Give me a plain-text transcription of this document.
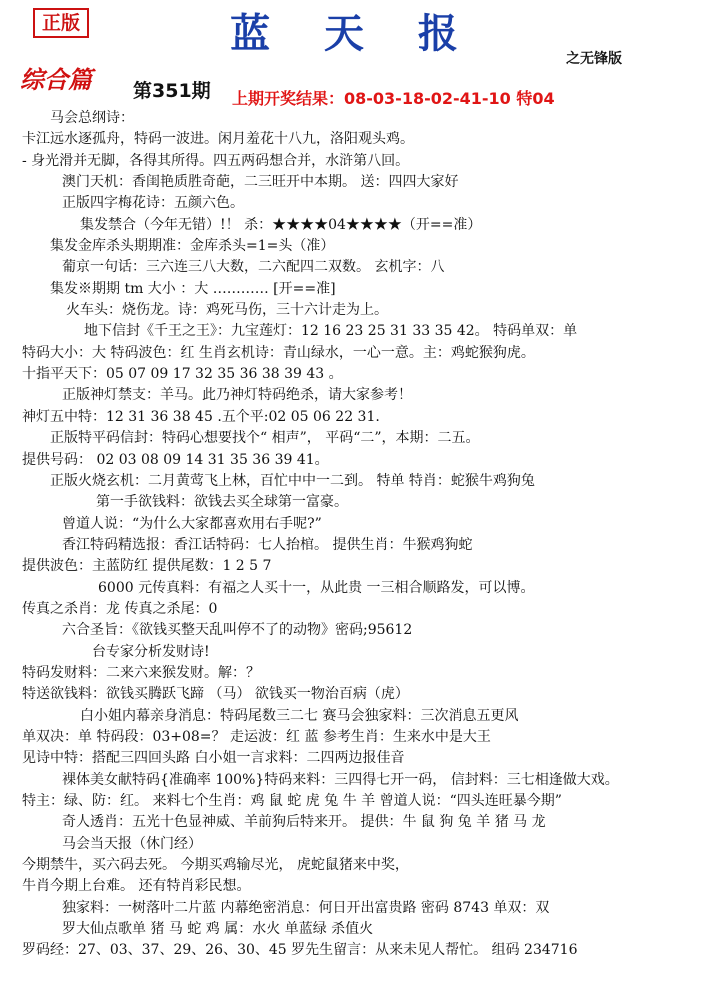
正版	蓝 天 报
之无锋版
综合篇 第351期 上期开奖结果：08-03-18-02-41-10 特04
马会总纲诗：
卡江远水逐孤舟，特码一波进。闲月羞花十八九，洛阳观头鸡。
- 身光滑并无脚，各得其所得。四五两码想合并，水浒第八回。
澳门天机：香闺艳质胜奇葩，二三旺开中本期。 送：四四大家好
正版四字梅花诗：五颜六色。
集发禁合（今年无错）!！ 杀：★★★★04★★★★（开==准）
集发金库杀头期期准：金库杀头=1=头（准）
葡京一句话：三六连三八大数，二六配四二双数。 玄机字：八
集发※期期 tm 大小 ：大 ………… [开==准]
火车头：烧伤龙。诗：鸡死马伤，三十六计走为上。
地下信封《千王之王》：九宝莲灯：12 16 23 25 31 33 35 42。 特码单双：单
特码大小：大 特码波色：红 生肖玄机诗：青山绿水，一心一意。主：鸡蛇猴狗虎。
十指平天下：05 07 09 17 32 35 36 38 39 43 。
正版神灯禁支：羊马。此乃神灯特码绝杀，请大家参考！
神灯五中特：12 31 36 38 45 .五个平:02 05 06 22 31.
正版特平码信封：特码心想要找个“ 相声”， 平码“二”，本期：二五。
提供号码： 02 03 08 09 14 31 35 36 39 41。
正版火烧玄机：二月黄莺飞上林，百忙中中一二到。 特单 特肖：蛇猴牛鸡狗兔
第一手欲钱料：欲钱去买全球第一富豪。
曾道人说：“为什么大家都喜欢用右手呢?”
香江特码精选报：香江话特码：七人抬棺。 提供生肖：牛猴鸡狗蛇
提供波色：主蓝防红 提供尾数：1 2 5 7
6000 元传真料：有福之人买十一，从此贵 一三相合顺路发，可以博。
传真之杀肖：龙 传真之杀尾：0
六合圣旨：《欲钱买整天乱叫停不了的动物》密码;95612
台专家分析发财诗!
特码发财料：二来六来猴发财。解：？
特送欲钱料：欲钱买腾跃飞蹄 （马） 欲钱买一物治百病（虎）
白小姐内幕亲身消息：特码尾数三二七 赛马会独家料：三次消息五更风
单双决：单 特码段：03+08=？ 走运波：红 蓝 参考生肖：生来水中是大王
见诗中特：搭配三四回头路 白小姐一言求料：二四两边报佳音
裸体美女献特码{准确率 100%}特码来料：三四得七开一码， 信封料：三七相逢做大戏。
特主：绿、防：红。 来料七个生肖：鸡 鼠 蛇 虎 兔 牛 羊 曾道人说：“四头连旺暴今期”
奇人透肖：五光十色显神威、羊前狗后特来开。 提供：牛 鼠 狗 兔 羊 猪 马 龙
马会当天报（休门经）
今期禁牛，买六码去死。 今期买鸡输尽光， 虎蛇鼠猪来中奖，
牛肖今期上台难。 还有特肖彩民想。
独家料：一树落叶二片蓝 内幕绝密消息：何日开出富贵路 密码 8743 单双：双
罗大仙点歌单 猪 马 蛇 鸡 属：水火 单蓝绿 杀值火
罗码经：27、03、37、29、26、30、45 罗先生留言：从来未见人帮忙。 组码 234716
